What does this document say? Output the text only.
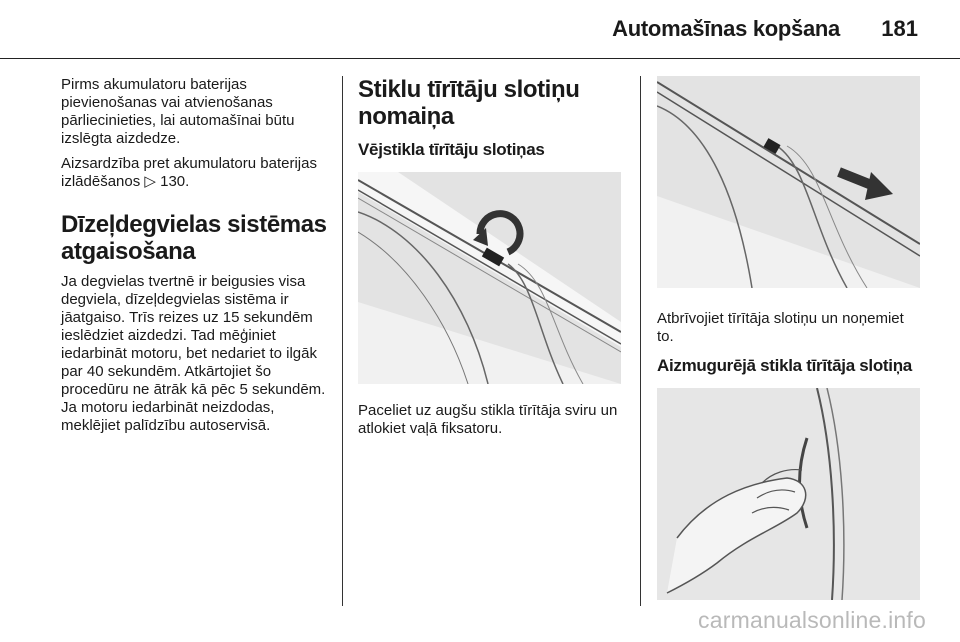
Automašīnas kopšana 181

Pirms akumulatoru baterijas pievienošanas vai atvienošanas pārliecinieties, lai automašīnai būtu izslēgta aizdedze.

Aizsardzība pret akumulatoru baterijas izlādēšanos ▷ 130.

Dīzeļdegvielas sistēmas atgaisošana

Ja degvielas tvertnē ir beigusies visa degviela, dīzeļdegvielas sistēma ir jāatgaiso. Trīs reizes uz 15 sekundēm ieslēdziet aizdedzi. Tad mēģiniet iedarbināt motoru, bet nedariet to ilgāk par 40 sekundēm. Atkārtojiet šo procedūru ne ātrāk kā pēc 5 sekundēm. Ja motoru iedarbināt neizdodas, meklējiet palīdzību autoservisā.

Stiklu tīrītāju slotiņu nomaiņa
Vējstikla tīrītāju slotiņas

Paceliet uz augšu stikla tīrītāja sviru un atlokiet vaļā fiksatoru.

Atbrīvojiet tīrītāja slotiņu un noņemiet to.

Aizmugurējā stikla tīrītāja slotiņa
carmanualsonline.info
